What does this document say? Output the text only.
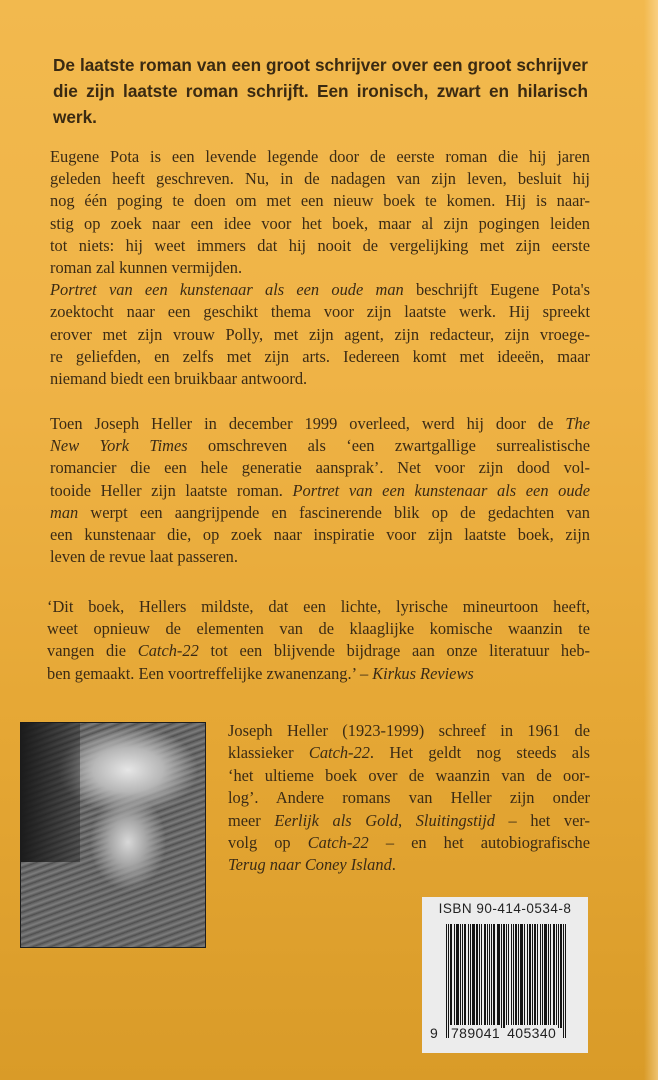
De laatste roman van een groot schrijver over een groot schrijver die zijn laatste roman schrijft. Een ironisch, zwart en hilarisch werk.
Eugene Pota is een levende legende door de eerste roman die hij jaren
geleden heeft geschreven. Nu, in de nadagen van zijn leven, besluit hij
nog één poging te doen om met een nieuw boek te komen. Hij is naar-
stig op zoek naar een idee voor het boek, maar al zijn pogingen leiden
tot niets: hij weet immers dat hij nooit de vergelijking met zijn eerste
roman zal kunnen vermijden.
Portret van een kunstenaar als een oude man beschrijft Eugene Pota's
zoektocht naar een geschikt thema voor zijn laatste werk. Hij spreekt
erover met zijn vrouw Polly, met zijn agent, zijn redacteur, zijn vroege-
re geliefden, en zelfs met zijn arts. Iedereen komt met ideeën, maar
niemand biedt een bruikbaar antwoord.
Toen Joseph Heller in december 1999 overleed, werd hij door de The
New York Times omschreven als ‘een zwartgallige surrealistische
romancier die een hele generatie aansprak’. Net voor zijn dood vol-
tooide Heller zijn laatste roman. Portret van een kunstenaar als een oude
man werpt een aangrijpende en fascinerende blik op de gedachten van
een kunstenaar die, op zoek naar inspiratie voor zijn laatste boek, zijn
leven de revue laat passeren.
‘Dit boek, Hellers mildste, dat een lichte, lyrische mineurtoon heeft,
weet opnieuw de elementen van de klaaglijke komische waanzin te
vangen die Catch-22 tot een blijvende bijdrage aan onze literatuur heb-
ben gemaakt. Een voortreffelijke zwanenzang.’ – Kirkus Reviews
Joseph Heller (1923-1999) schreef in 1961 de
klassieker Catch-22. Het geldt nog steeds als
‘het ultieme boek over de waanzin van de oor-
log’. Andere romans van Heller zijn onder
meer Eerlijk als Gold, Sluitingstijd – het ver-
volg op Catch-22 – en het autobiografische
Terug naar Coney Island.
ISBN 90-414-0534-8
9 789041 405340
